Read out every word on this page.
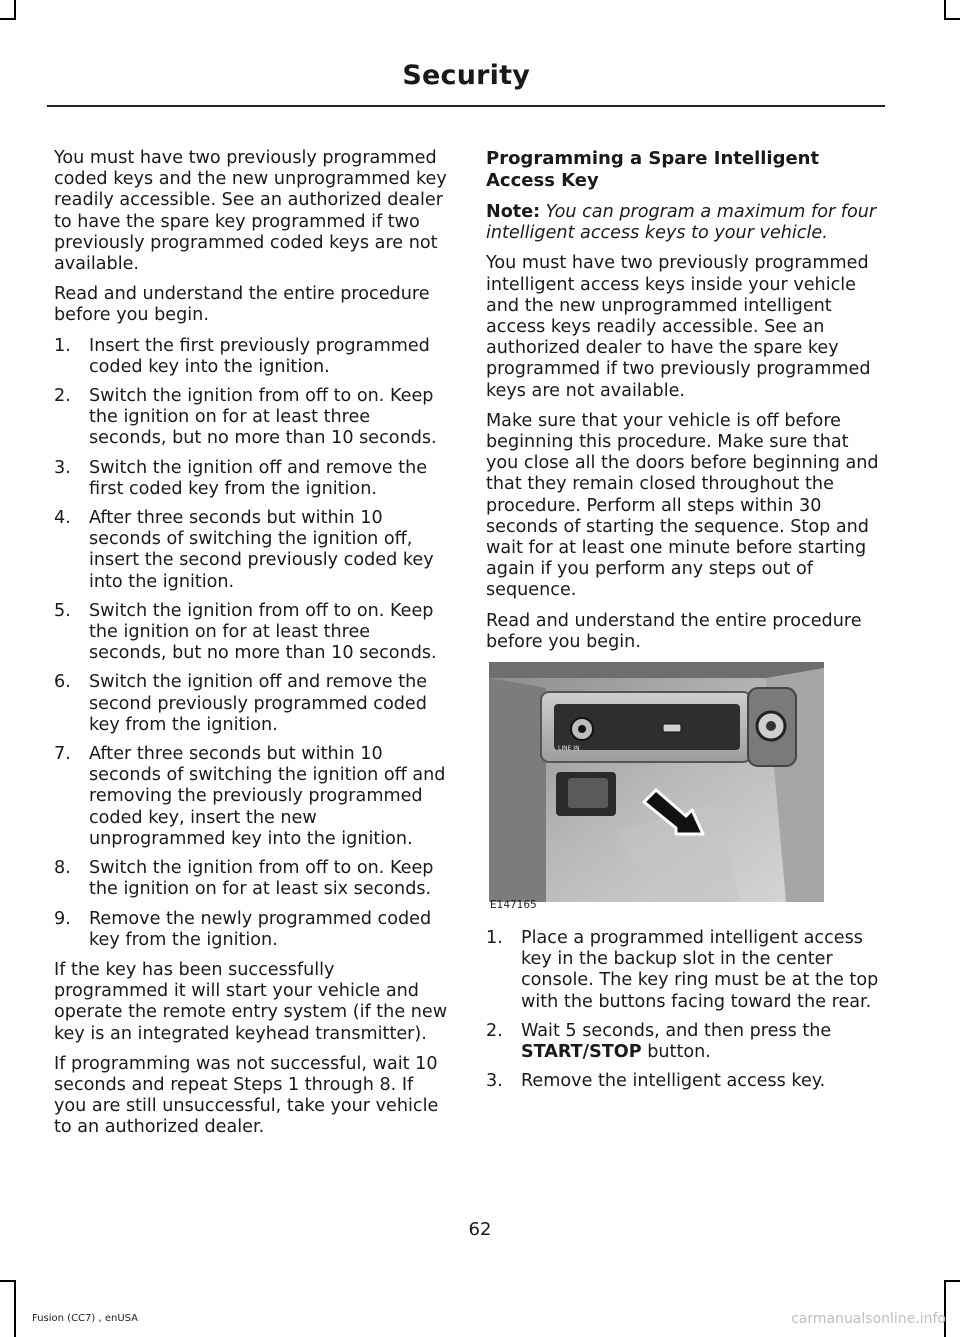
Security

You must have two previously programmed coded keys and the new unprogrammed key readily accessible. See an authorized dealer to have the spare key programmed if two previously programmed coded keys are not available.

Read and understand the entire procedure before you begin.

1. Insert the first previously programmed coded key into the ignition.
2. Switch the ignition from off to on. Keep the ignition on for at least three seconds, but no more than 10 seconds.
3. Switch the ignition off and remove the first coded key from the ignition.
4. After three seconds but within 10 seconds of switching the ignition off, insert the second previously coded key into the ignition.
5. Switch the ignition from off to on. Keep the ignition on for at least three seconds, but no more than 10 seconds.
6. Switch the ignition off and remove the second previously programmed coded key from the ignition.
7. After three seconds but within 10 seconds of switching the ignition off and removing the previously programmed coded key, insert the new unprogrammed key into the ignition.
8. Switch the ignition from off to on. Keep the ignition on for at least six seconds.
9. Remove the newly programmed coded key from the ignition.

If the key has been successfully programmed it will start your vehicle and operate the remote entry system (if the new key is an integrated keyhead transmitter).

If programming was not successful, wait 10 seconds and repeat Steps 1 through 8. If you are still unsuccessful, take your vehicle to an authorized dealer.

Programming a Spare Intelligent Access Key

Note: You can program a maximum for four intelligent access keys to your vehicle.

You must have two previously programmed intelligent access keys inside your vehicle and the new unprogrammed intelligent access keys readily accessible. See an authorized dealer to have the spare key programmed if two previously programmed keys are not available.

Make sure that your vehicle is off before beginning this procedure. Make sure that you close all the doors before beginning and that they remain closed throughout the procedure. Perform all steps within 30 seconds of starting the sequence. Stop and wait for at least one minute before starting again if you perform any steps out of sequence.

Read and understand the entire procedure before you begin.

LINE IN
E147165
1. Place a programmed intelligent access key in the backup slot in the center console. The key ring must be at the top with the buttons facing toward the rear.
2. Wait 5 seconds, and then press the START/STOP button.
3. Remove the intelligent access key.
62
Fusion (CC7) , enUSA	carmanualsonline.info
